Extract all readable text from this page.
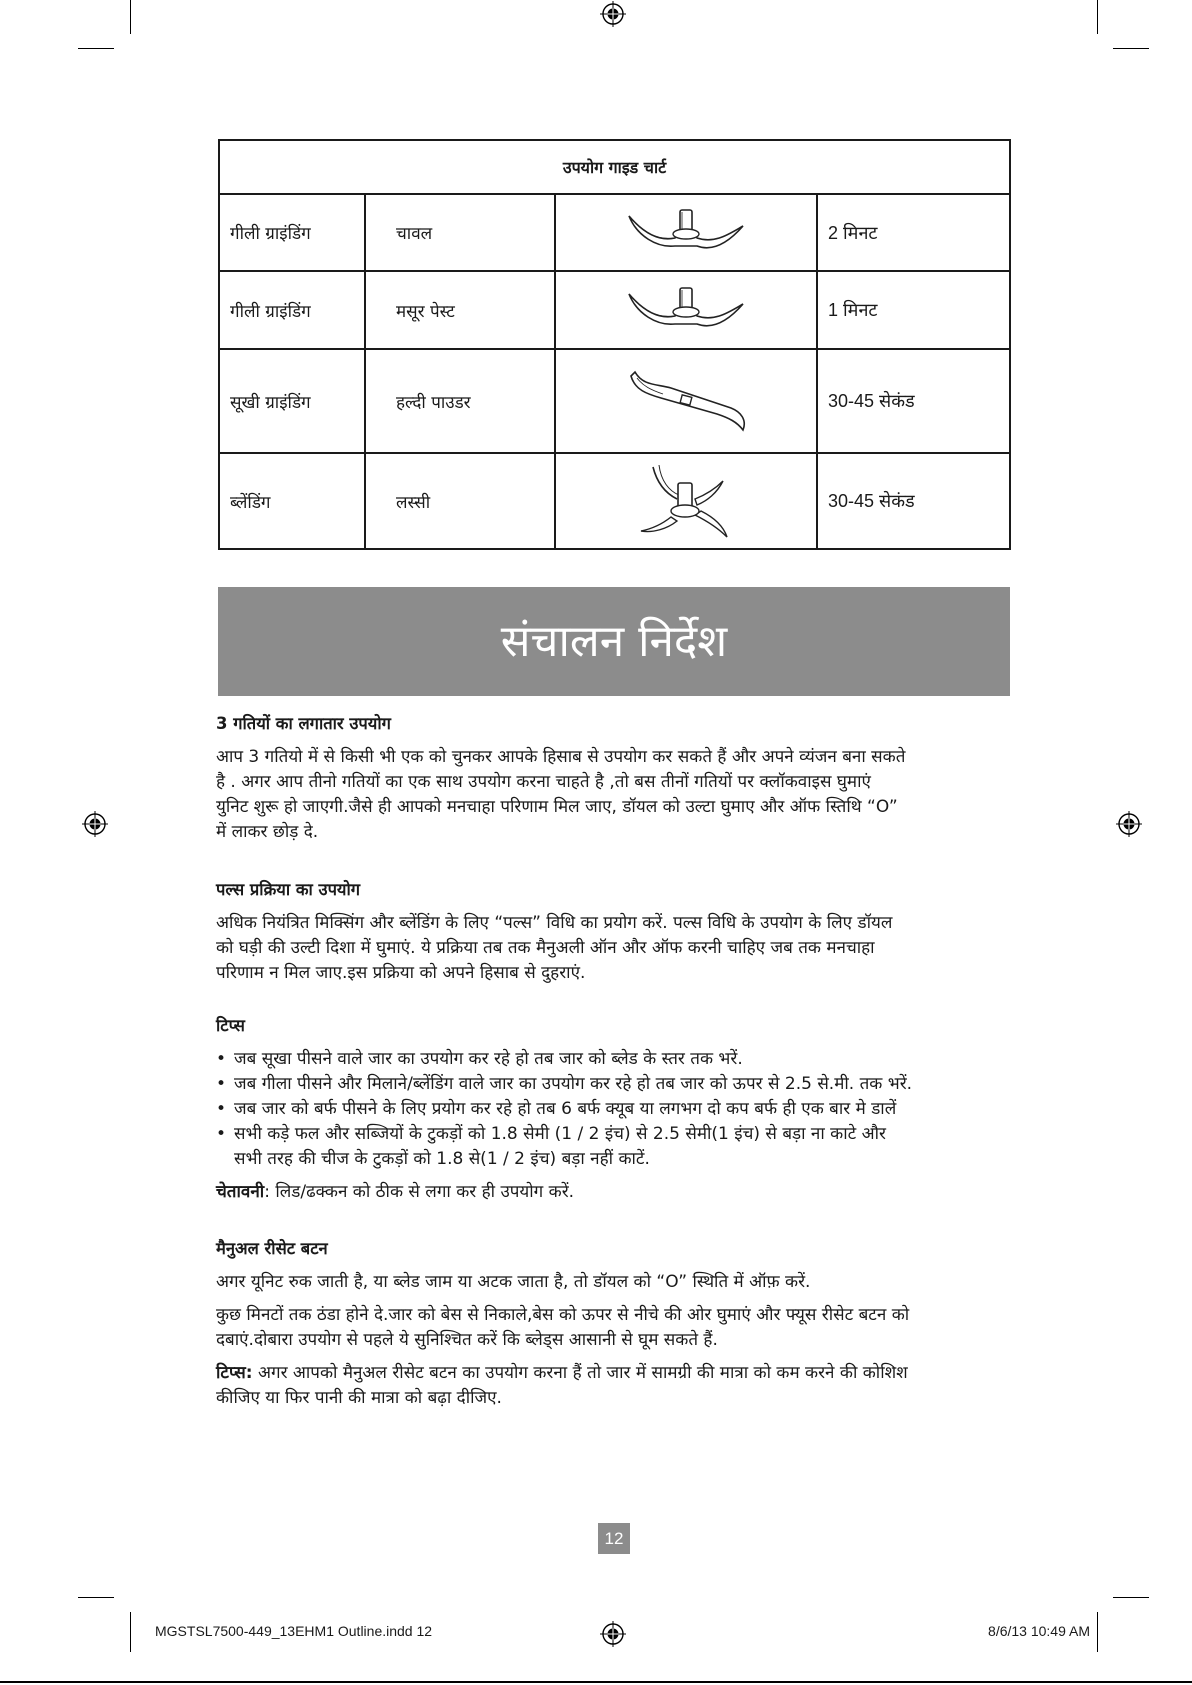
उपयोग गाइड चार्ट			
गीली ग्राइंडिंग	चावल		2 मिनट
गीली ग्राइंडिंग	मसूर पेस्ट		1 मिनट
सूखी ग्राइंडिंग	हल्दी पाउडर		30-45 सेकंड
ब्लेंडिंग	लस्सी		30-45 सेकंड
संचालन निर्देश
3 गतियों का लगातार उपयोग

आप 3 गतियो में से किसी भी एक को चुनकर आपके हिसाब से उपयोग कर सकते हैं और अपने व्यंजन बना सकते

है . अगर आप तीनो गतियों का एक साथ उपयोग करना चाहते है ,तो बस तीनों गतियों पर क्लॉकवाइस घुमाएं

युनिट शुरू हो जाएगी.जैसे ही आपको मनचाहा परिणाम मिल जाए, डॉयल को उल्टा घुमाए और ऑफ स्तिथि “O”

में लाकर छोड़ दे.

पल्स प्रक्रिया का उपयोग

अधिक नियंत्रित मिक्सिंग और ब्लेंडिंग के लिए “पल्स” विधि का प्रयोग करें. पल्स विधि के उपयोग के लिए डॉयल

को घड़ी की उल्टी दिशा में घुमाएं. ये प्रक्रिया तब तक मैनुअली ऑन और ऑफ करनी चाहिए जब तक मनचाहा

परिणाम न मिल जाए.इस प्रक्रिया को अपने हिसाब से दुहराएं.

टिप्स
• जब सूखा पीसने वाले जार का उपयोग कर रहे हो तब जार को ब्लेड के स्तर तक भरें.
• जब गीला पीसने और मिलाने/ब्लेंडिंग वाले जार का उपयोग कर रहे हो तब जार को ऊपर से 2.5 से.मी. तक भरें.
• जब जार को बर्फ पीसने के लिए प्रयोग कर रहे हो तब 6 बर्फ क्यूब या लगभग दो कप बर्फ ही एक बार मे डालें
• सभी कड़े फल और सब्जियों के टुकड़ों को 1.8 सेमी (1 / 2 इंच) से 2.5 सेमी(1 इंच) से बड़ा ना काटे और

सभी तरह की चीज के टुकड़ों को 1.8 से(1 / 2 इंच) बड़ा नहीं काटें.

चेतावनी: लिड/ढक्कन को ठीक से लगा कर ही उपयोग करें.

मैनुअल रीसेट बटन

अगर यूनिट रुक जाती है, या ब्लेड जाम या अटक जाता है, तो डॉयल को “O” स्थिति में ऑफ़ करें.

कुछ मिनटों तक ठंडा होने दे.जार को बेस से निकाले,बेस को ऊपर से नीचे की ओर घुमाएं और फ्यूस रीसेट बटन को

दबाएं.दोबारा उपयोग से पहले ये सुनिश्चित करें कि ब्लेड्स आसानी से घूम सकते हैं.

टिप्स: अगर आपको मैनुअल रीसेट बटन का उपयोग करना हैं तो जार में सामग्री की मात्रा को कम करने की कोशिश

कीजिए या फिर पानी की मात्रा को बढ़ा दीजिए.

12
MGSTSL7500-449_13EHM1 Outline.indd 12	8/6/13 10:49 AM
